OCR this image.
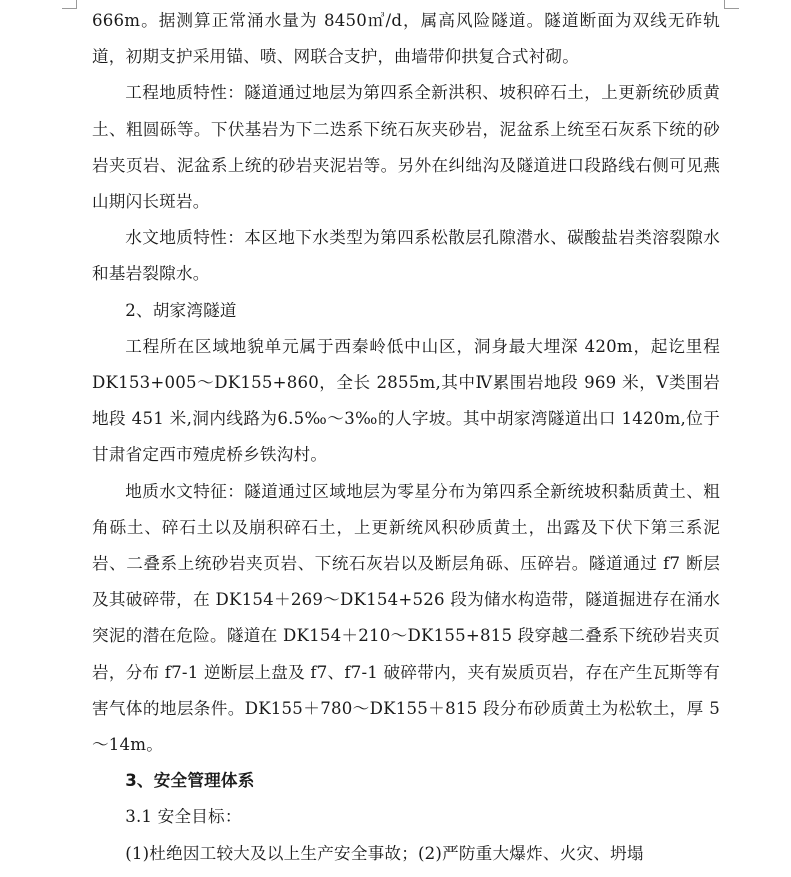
666m。据测算正常涌水量为 8450㎥/d，属高风险隧道。隧道断面为双线无砟轨道，初期支护采用锚、喷、网联合支护，曲墙带仰拱复合式衬砌。

工程地质特性：隧道通过地层为第四系全新洪积、坡积碎石土，上更新统砂质黄土、粗圆砾等。下伏基岩为下二迭系下统石灰夹砂岩，泥盆系上统至石灰系下统的砂岩夹页岩、泥盆系上统的砂岩夹泥岩等。另外在纠绌沟及隧道进口段路线右侧可见燕山期闪长斑岩。

水文地质特性：本区地下水类型为第四系松散层孔隙潜水、碳酸盐岩类溶裂隙水和基岩裂隙水。

2、胡家湾隧道

工程所在区域地貌单元属于西秦岭低中山区，洞身最大埋深 420m，起讫里程 DK153+005～DK155+860，全长 2855m,其中Ⅳ累围岩地段 969 米，Ⅴ类围岩地段 451 米,洞内线路为6.5‰～3‰的人字坡。其中胡家湾隧道出口 1420m,位于甘肃省定西市殪虎桥乡铁沟村。

地质水文特征：隧道通过区域地层为零星分布为第四系全新统坡积黏质黄土、粗角砾土、碎石土以及崩积碎石土，上更新统风积砂质黄土，出露及下伏下第三系泥岩、二叠系上统砂岩夹页岩、下统石灰岩以及断层角砾、压碎岩。隧道通过 f7 断层及其破碎带，在 DK154＋269～DK154+526 段为储水构造带，隧道掘进存在涌水突泥的潜在危险。隧道在 DK154＋210～DK155+815 段穿越二叠系下统砂岩夹页岩，分布 f7-1 逆断层上盘及 f7、f7-1 破碎带内，夹有炭质页岩，存在产生瓦斯等有害气体的地层条件。DK155＋780～DK155＋815 段分布砂质黄土为松软土，厚 5～14m。

3、安全管理体系

3.1 安全目标：

(1)杜绝因工较大及以上生产安全事故；(2)严防重大爆炸、火灾、坍塌
